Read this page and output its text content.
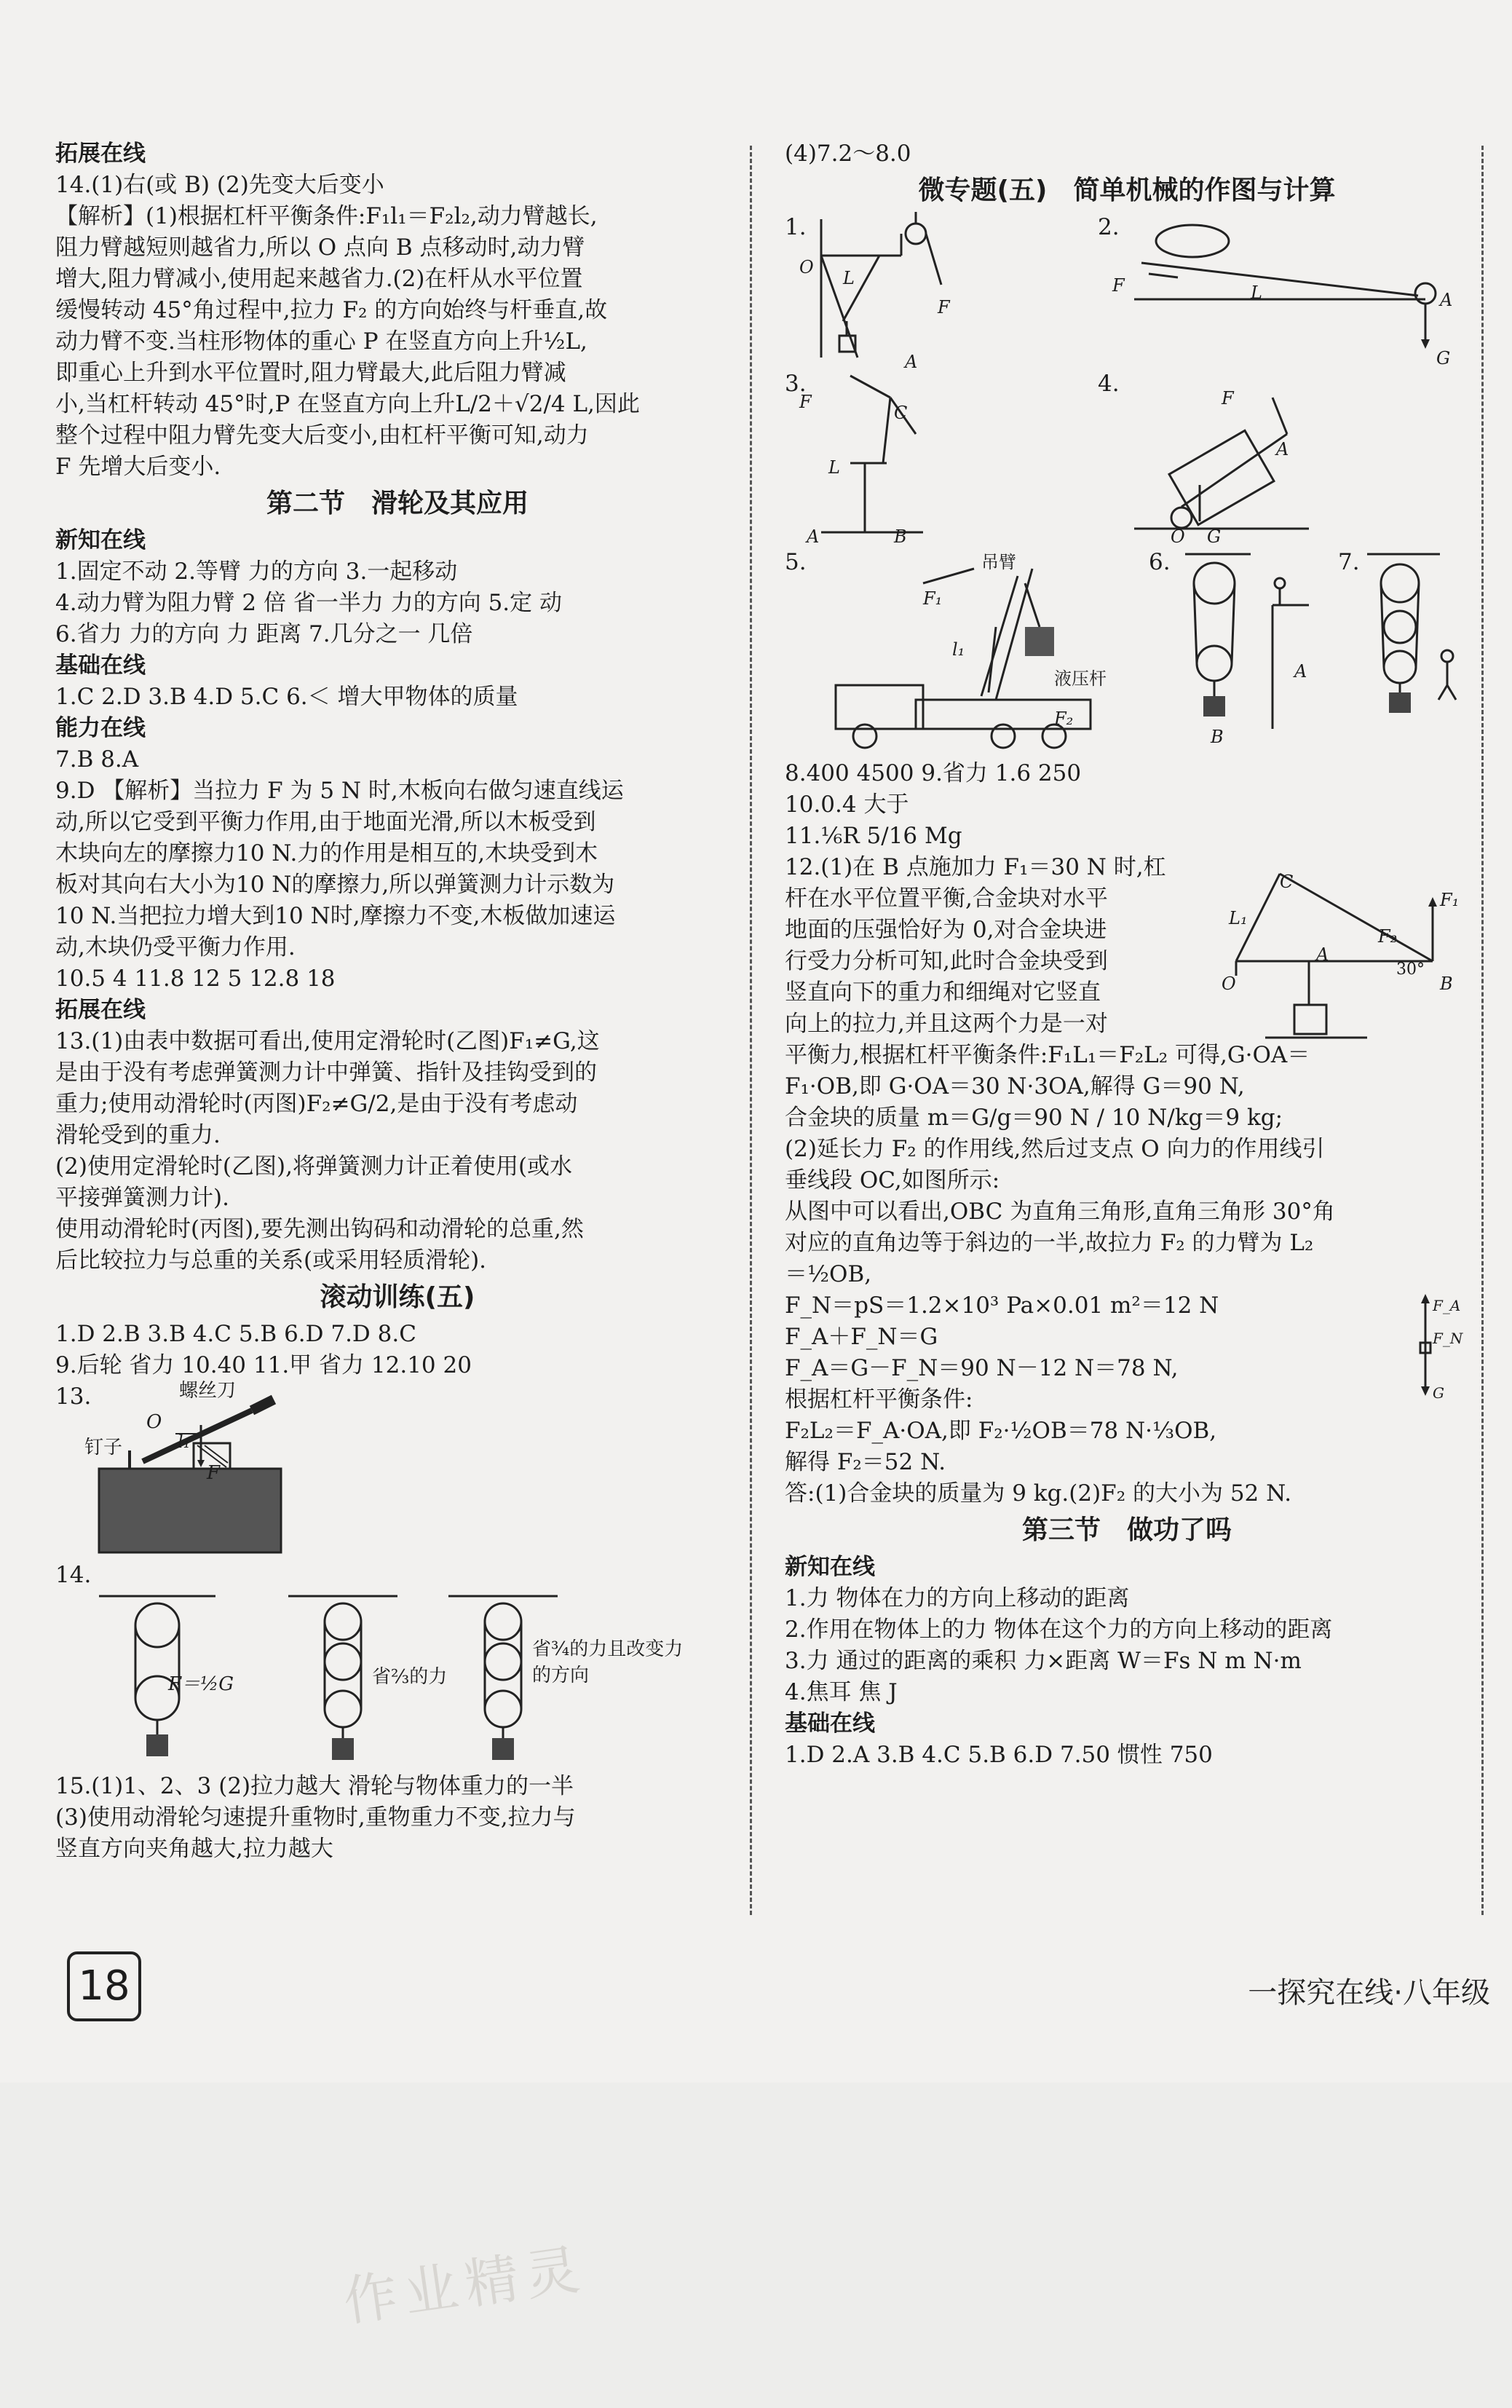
拓展在线
14.(1)右(或 B) (2)先变大后变小
【解析】(1)根据杠杆平衡条件:F₁l₁＝F₂l₂,动力臂越长,
阻力臂越短则越省力,所以 O 点向 B 点移动时,动力臂
增大,阻力臂减小,使用起来越省力.(2)在杆从水平位置
缓慢转动 45°角过程中,拉力 F₂ 的方向始终与杆垂直,故
动力臂不变.当柱形物体的重心 P 在竖直方向上升½L,
即重心上升到水平位置时,阻力臂最大,此后阻力臂减
小,当杠杆转动 45°时,P 在竖直方向上升L/2＋√2/4 L,因此
整个过程中阻力臂先变大后变小,由杠杆平衡可知,动力
F 先增大后变小.
第二节　滑轮及其应用
新知在线
1.固定不动 2.等臂 力的方向 3.一起移动
4.动力臂为阻力臂 2 倍 省一半力 力的方向 5.定 动
6.省力 力的方向 力 距离 7.几分之一 几倍
基础在线
1.C 2.D 3.B 4.D 5.C 6.＜ 增大甲物体的质量
能力在线
7.B 8.A
9.D 【解析】当拉力 F 为 5 N 时,木板向右做匀速直线运
动,所以它受到平衡力作用,由于地面光滑,所以木板受到
木块向左的摩擦力10 N.力的作用是相互的,木块受到木
板对其向右大小为10 N的摩擦力,所以弹簧测力计示数为
10 N.当把拉力增大到10 N时,摩擦力不变,木板做加速运
动,木块仍受平衡力作用.
10.5 4 11.8 12 5 12.8 18
拓展在线
13.(1)由表中数据可看出,使用定滑轮时(乙图)F₁≠G,这
是由于没有考虑弹簧测力计中弹簧、指针及挂钩受到的
重力;使用动滑轮时(丙图)F₂≠G/2,是由于没有考虑动
滑轮受到的重力.
(2)使用定滑轮时(乙图),将弹簧测力计正着使用(或水
平接弹簧测力计).
使用动滑轮时(丙图),要先测出钩码和动滑轮的总重,然
后比较拉力与总重的关系(或采用轻质滑轮).
滚动训练(五)
1.D 2.B 3.B 4.C 5.B 6.D 7.D 8.C
9.后轮 省力 10.40 11.甲 省力 12.10 20
13.	螺丝刀
钉子
O
l₁
F
14.
F＝½G	省⅔的力
省¾的力且改变力的方向
15.(1)1、2、3 (2)拉力越大 滑轮与物体重力的一半
(3)使用动滑轮匀速提升重物时,重物重力不变,拉力与
竖直方向夹角越大,拉力越大
(4)7.2～8.0
微专题(五)　简单机械的作图与计算
1.
L
F
O
A
2.
F	L	A
G
3.
F
C
L
A	B
4.
F
A
O G
5.	吊臂
F₁
l₁
液压杆
F₂
6.
B
A
7.
8.400 4500 9.省力 1.6 250
10.0.4 大于
11.⅙R 5/16 Mg
C
L₁
F₂
F₁
A
O	B
30°
12.(1)在 B 点施加力 F₁＝30 N 时,杠
杆在水平位置平衡,合金块对水平
地面的压强恰好为 0,对合金块进
行受力分析可知,此时合金块受到
竖直向下的重力和细绳对它竖直
向上的拉力,并且这两个力是一对
平衡力,根据杠杆平衡条件:F₁L₁＝F₂L₂ 可得,G·OA＝
F₁·OB,即 G·OA＝30 N·3OA,解得 G＝90 N,
合金块的质量 m＝G/g＝90 N / 10 N/kg＝9 kg;
(2)延长力 F₂ 的作用线,然后过支点 O 向力的作用线引
垂线段 OC,如图所示:
从图中可以看出,OBC 为直角三角形,直角三角形 30°角
对应的直角边等于斜边的一半,故拉力 F₂ 的力臂为 L₂
＝½OB,
F_A
F_N
G
F_N＝pS＝1.2×10³ Pa×0.01 m²＝12 N
F_A＋F_N＝G
F_A＝G－F_N＝90 N－12 N＝78 N,
根据杠杆平衡条件:
F₂L₂＝F_A·OA,即 F₂·½OB＝78 N·⅓OB,
解得 F₂＝52 N.
答:(1)合金块的质量为 9 kg.(2)F₂ 的大小为 52 N.
第三节　做功了吗
新知在线
1.力 物体在力的方向上移动的距离
2.作用在物体上的力 物体在这个力的方向上移动的距离
3.力 通过的距离的乘积 力×距离 W＝Fs N m N·m
4.焦耳 焦 J
基础在线
1.D 2.A 3.B 4.C 5.B 6.D 7.50 惯性 750
18	一探究在线·八年级
作业精灵
